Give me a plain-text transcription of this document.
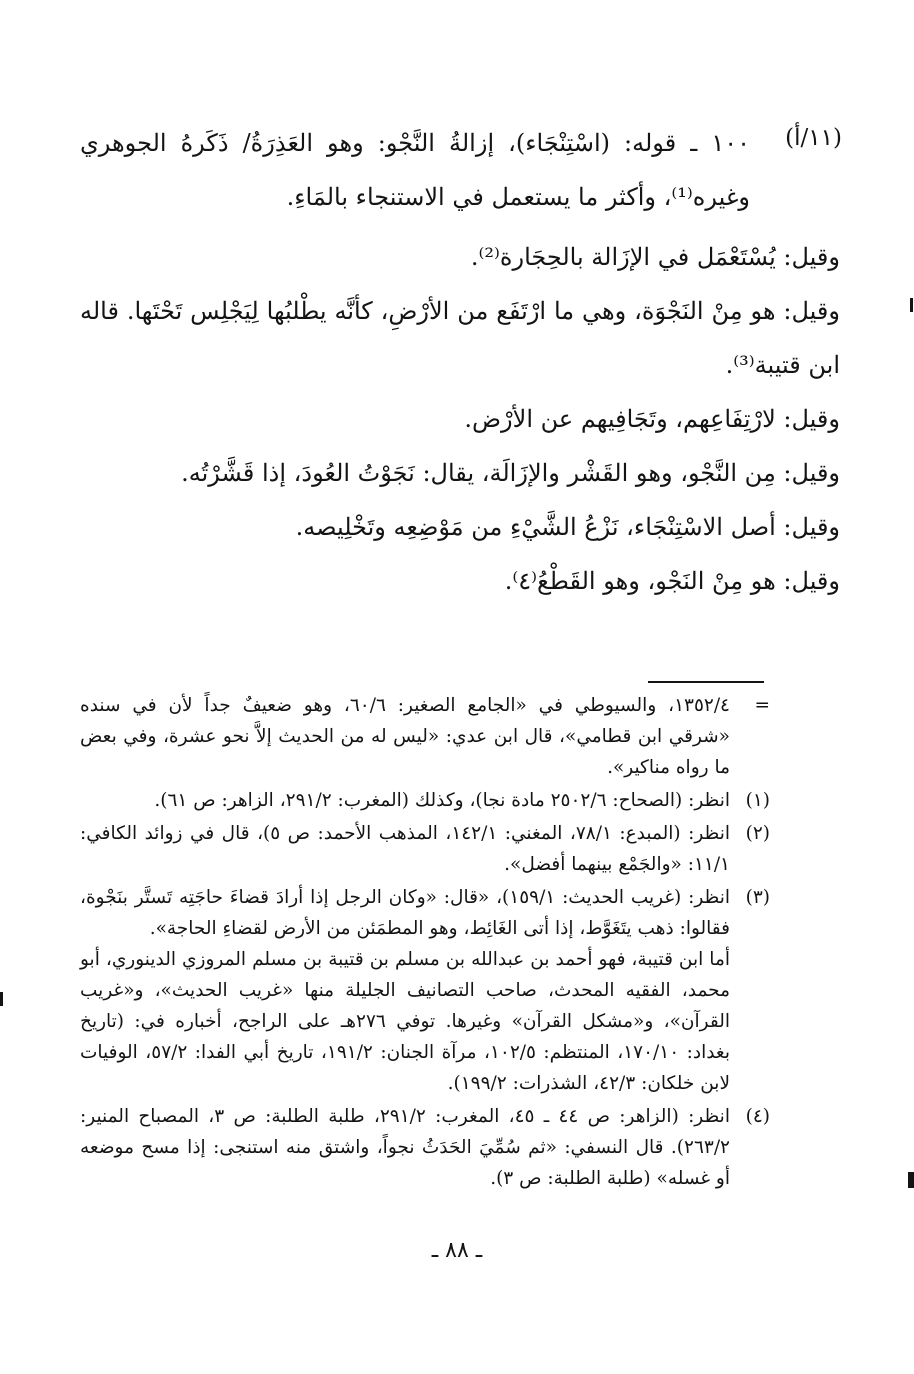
(١١/أ)

١٠٠ ـ قوله: (اسْتِنْجَاء)، إزالةُ النَّجْو: وهو العَذِرَةُ/ ذَكَرهُ الجوهري وغيره⁽¹⁾، وأكثر ما يستعمل في الاستنجاء بالمَاءِ.

وقيل: يُسْتَعْمَل في الإزَالة بالحِجَارة⁽²⁾.

وقيل: هو مِنْ النَجْوَة، وهي ما ارْتَفَع من الأرْضِ، كأنَّه يطْلبُها لِيَجْلِس تَحْتَها. قاله ابن قتيبة⁽³⁾.

وقيل: لارْتِفَاعِهم، وتَجَافِيهم عن الأرْض.

وقيل: مِن النَّجْو، وهو القَشْر والإزَالَة، يقال: نَجَوْتُ العُودَ، إذا قَشَّرْتُه.

وقيل: أصل الاسْتِنْجَاء، نَزْعُ الشَّيْءِ من مَوْضِعِه وتَخْلِيصه.

وقيل: هو مِنْ النَجْو، وهو القَطْعُ⁽٤⁾.

=
١٣٥٢/٤، والسيوطي في «الجامع الصغير: ٦٠/٦، وهو ضعيفٌ جداً لأن في سنده «شرقي ابن قطامي»، قال ابن عدي: «ليس له من الحديث إلاَّ نحو عشرة، وفي بعض ما رواه مناكير».
(١)
انظر: (الصحاح: ٢٥٠٢/٦ مادة نجا)، وكذلك (المغرب: ٢٩١/٢، الزاهر: ص ٦١).
(٢)
انظر: (المبدع: ٧٨/١، المغني: ١٤٢/١، المذهب الأحمد: ص ٥)، قال في زوائد الكافي: ١١/١: «والجَمْع بينهما أفضل».
(٣)
انظر: (غريب الحديث: ١٥٩/١)، «قال: «وكان الرجل إذا أرادَ قضاءَ حاجَتِه تَستَّر بنَجْوة، فقالوا: ذهب يتَغَوَّط، إذا أتى الغَائِط، وهو المطمَئن من الأرض لقضاءِ الحاجة».

أما ابن قتيبة، فهو أحمد بن عبدالله بن مسلم بن قتيبة بن مسلم المروزي الدينوري، أبو محمد، الفقيه المحدث، صاحب التصانيف الجليلة منها «غريب الحديث»، و«غريب القرآن»، و«مشكل القرآن» وغيرها. توفي ٢٧٦هـ على الراجح، أخباره في: (تاريخ بغداد: ١٧٠/١٠، المنتظم: ١٠٢/٥، مرآة الجنان: ١٩١/٢، تاريخ أبي الفدا: ٥٧/٢، الوفيات لابن خلكان: ٤٢/٣، الشذرات: ١٩٩/٢).

(٤)
انظر: (الزاهر: ص ٤٤ ـ ٤٥، المغرب: ٢٩١/٢، طلبة الطلبة: ص ٣، المصباح المنير: ٢٦٣/٢). قال النسفي: «ثم سُمِّيَ الحَدَثُ نجواً، واشتق منه استنجى: إذا مسح موضعه أو غسله» (طلبة الطلبة: ص ٣).
ـ ٨٨ ـ
